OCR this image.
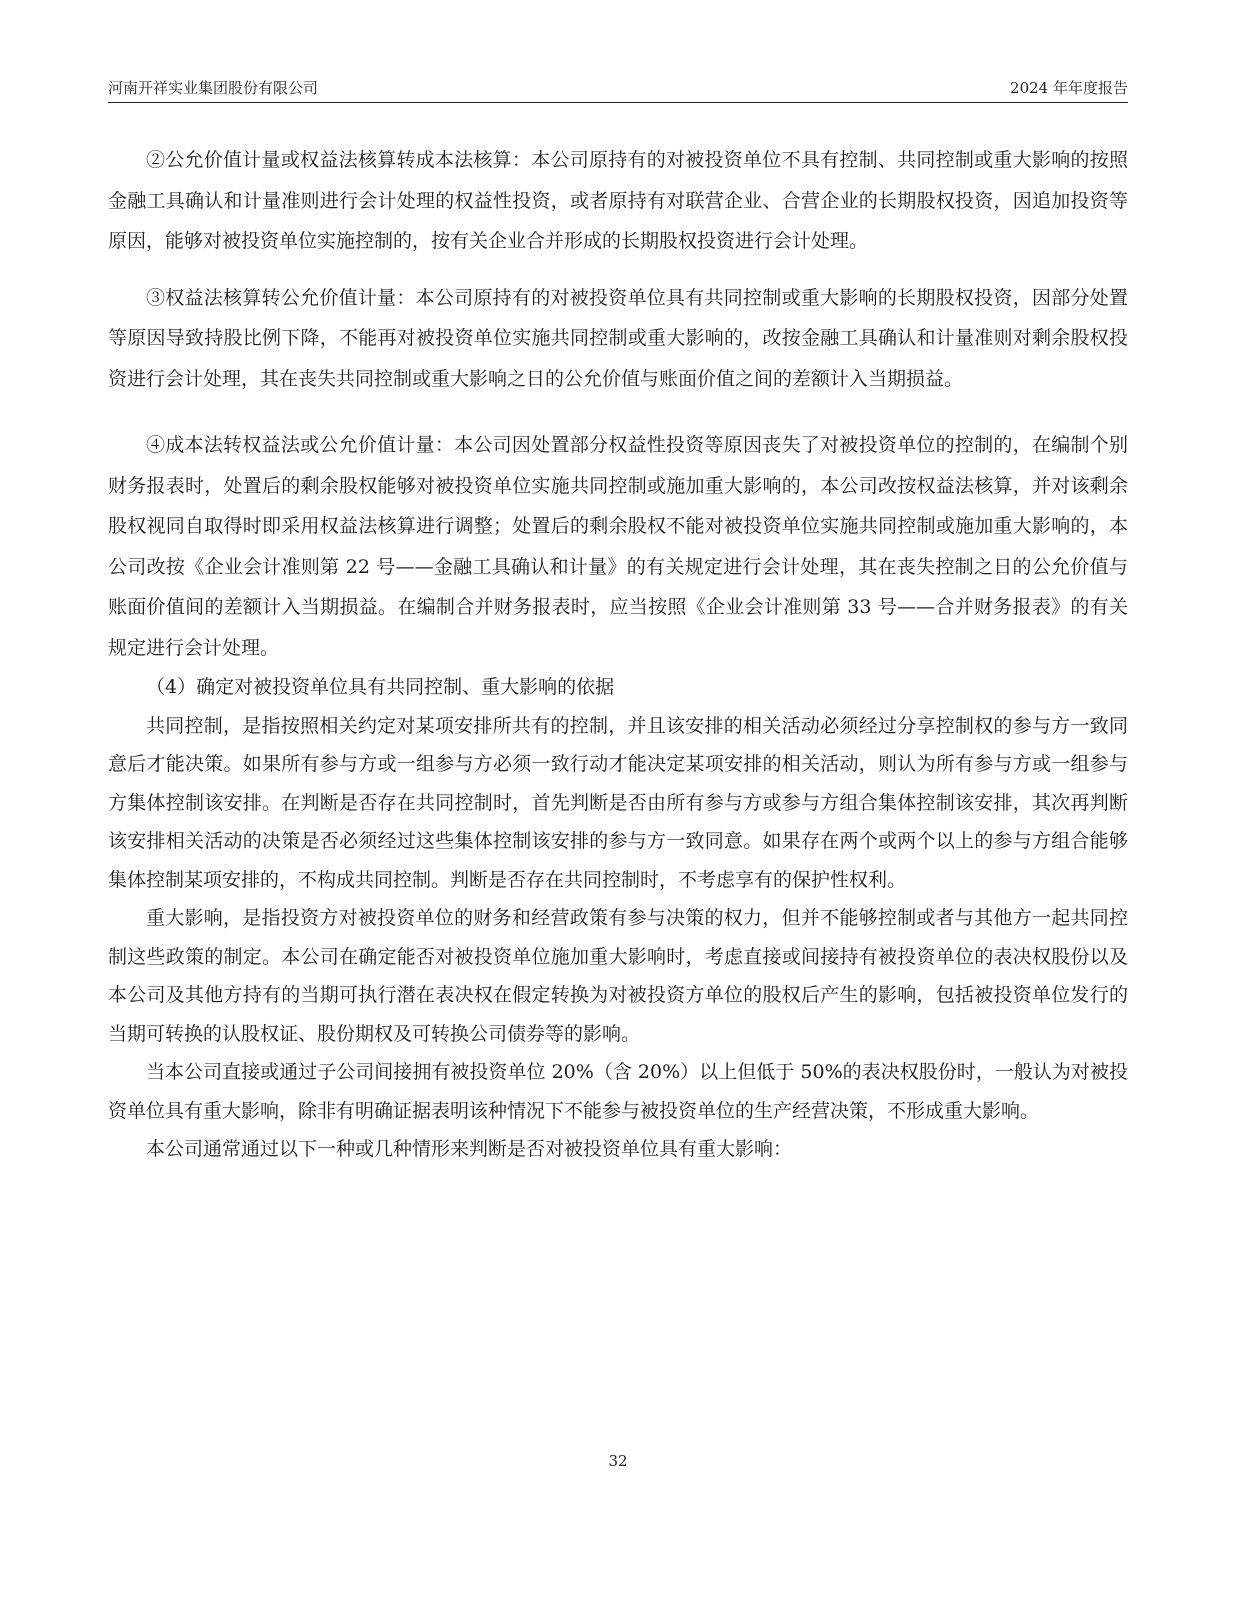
河南开祥实业集团股份有限公司	2024 年年度报告

②公允价值计量或权益法核算转成本法核算：本公司原持有的对被投资单位不具有控制、共同控制或重大影响的按照金融工具确认和计量准则进行会计处理的权益性投资，或者原持有对联营企业、合营企业的长期股权投资，因追加投资等原因，能够对被投资单位实施控制的，按有关企业合并形成的长期股权投资进行会计处理。

③权益法核算转公允价值计量：本公司原持有的对被投资单位具有共同控制或重大影响的长期股权投资，因部分处置等原因导致持股比例下降，不能再对被投资单位实施共同控制或重大影响的，改按金融工具确认和计量准则对剩余股权投资进行会计处理，其在丧失共同控制或重大影响之日的公允价值与账面价值之间的差额计入当期损益。

④成本法转权益法或公允价值计量：本公司因处置部分权益性投资等原因丧失了对被投资单位的控制的，在编制个别财务报表时，处置后的剩余股权能够对被投资单位实施共同控制或施加重大影响的，本公司改按权益法核算，并对该剩余股权视同自取得时即采用权益法核算进行调整；处置后的剩余股权不能对被投资单位实施共同控制或施加重大影响的，本公司改按《企业会计准则第 22 号——金融工具确认和计量》的有关规定进行会计处理，其在丧失控制之日的公允价值与账面价值间的差额计入当期损益。在编制合并财务报表时，应当按照《企业会计准则第 33 号——合并财务报表》的有关规定进行会计处理。

（4）确定对被投资单位具有共同控制、重大影响的依据

共同控制，是指按照相关约定对某项安排所共有的控制，并且该安排的相关活动必须经过分享控制权的参与方一致同意后才能决策。如果所有参与方或一组参与方必须一致行动才能决定某项安排的相关活动，则认为所有参与方或一组参与方集体控制该安排。在判断是否存在共同控制时，首先判断是否由所有参与方或参与方组合集体控制该安排，其次再判断该安排相关活动的决策是否必须经过这些集体控制该安排的参与方一致同意。如果存在两个或两个以上的参与方组合能够集体控制某项安排的，不构成共同控制。判断是否存在共同控制时，不考虑享有的保护性权利。

重大影响，是指投资方对被投资单位的财务和经营政策有参与决策的权力，但并不能够控制或者与其他方一起共同控制这些政策的制定。本公司在确定能否对被投资单位施加重大影响时，考虑直接或间接持有被投资单位的表决权股份以及本公司及其他方持有的当期可执行潜在表决权在假定转换为对被投资方单位的股权后产生的影响，包括被投资单位发行的当期可转换的认股权证、股份期权及可转换公司债券等的影响。

当本公司直接或通过子公司间接拥有被投资单位 20%（含 20%）以上但低于 50%的表决权股份时，一般认为对被投资单位具有重大影响，除非有明确证据表明该种情况下不能参与被投资单位的生产经营决策，不形成重大影响。

本公司通常通过以下一种或几种情形来判断是否对被投资单位具有重大影响：

32
